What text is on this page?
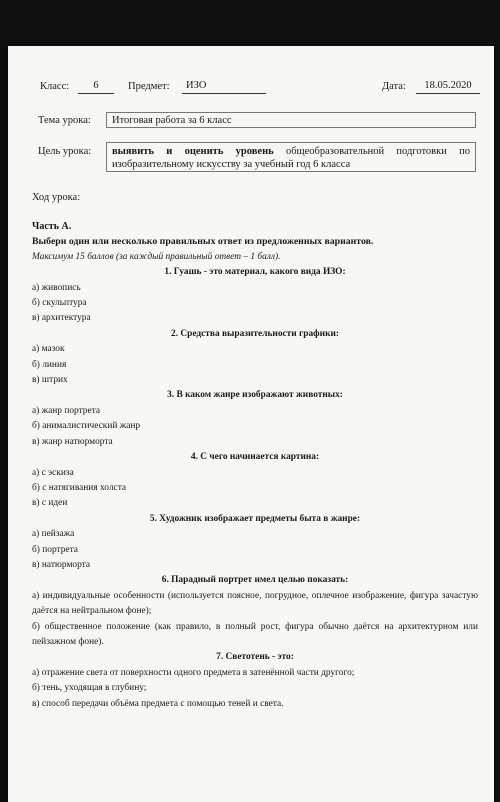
Класс:	6	Предмет:	ИЗО	Дата:	18.05.2020
Тема урока:	Итоговая работа за 6 класс
Цель урока:	выявить и оценить уровень общеобразовательной подготовки по изобразительному искусству за учебный год 6 класса
Ход урока:
Часть А.
Выбери один или несколько правильных ответ из предложенных вариантов.
Максимум 15 баллов (за каждый правильный ответ – 1 балл).
1. Гуашь - это материал, какого вида ИЗО:
а) живопись
б) скульптура
в) архитектура
2. Средства выразительности графики:
а) мазок
б) линия
в) штрих
3. В каком жанре изображают животных:
а) жанр портрета
б) анималистический жанр
в) жанр натюрморта
4. С чего начинается картина:
а) с эскиза
б) с натягивания холста
в) с идеи
5. Художник изображает предметы быта в жанре:
а) пейзажа
б) портрета
в) натюрморта
6. Парадный портрет имел целью показать:
а) индивидуальные особенности (используется поясное, погрудное, оплечное изображение, фигура зачастую даётся на нейтральном фоне);
б) общественное положение (как правило, в полный рост, фигура обычно даётся на архитектурном или пейзажном фоне).
7. Светотень - это:
а) отражение света от поверхности одного предмета в затенённой части другого;
б) тень, уходящая в глубину;
в) способ передачи объёма предмета с помощью теней и света.
